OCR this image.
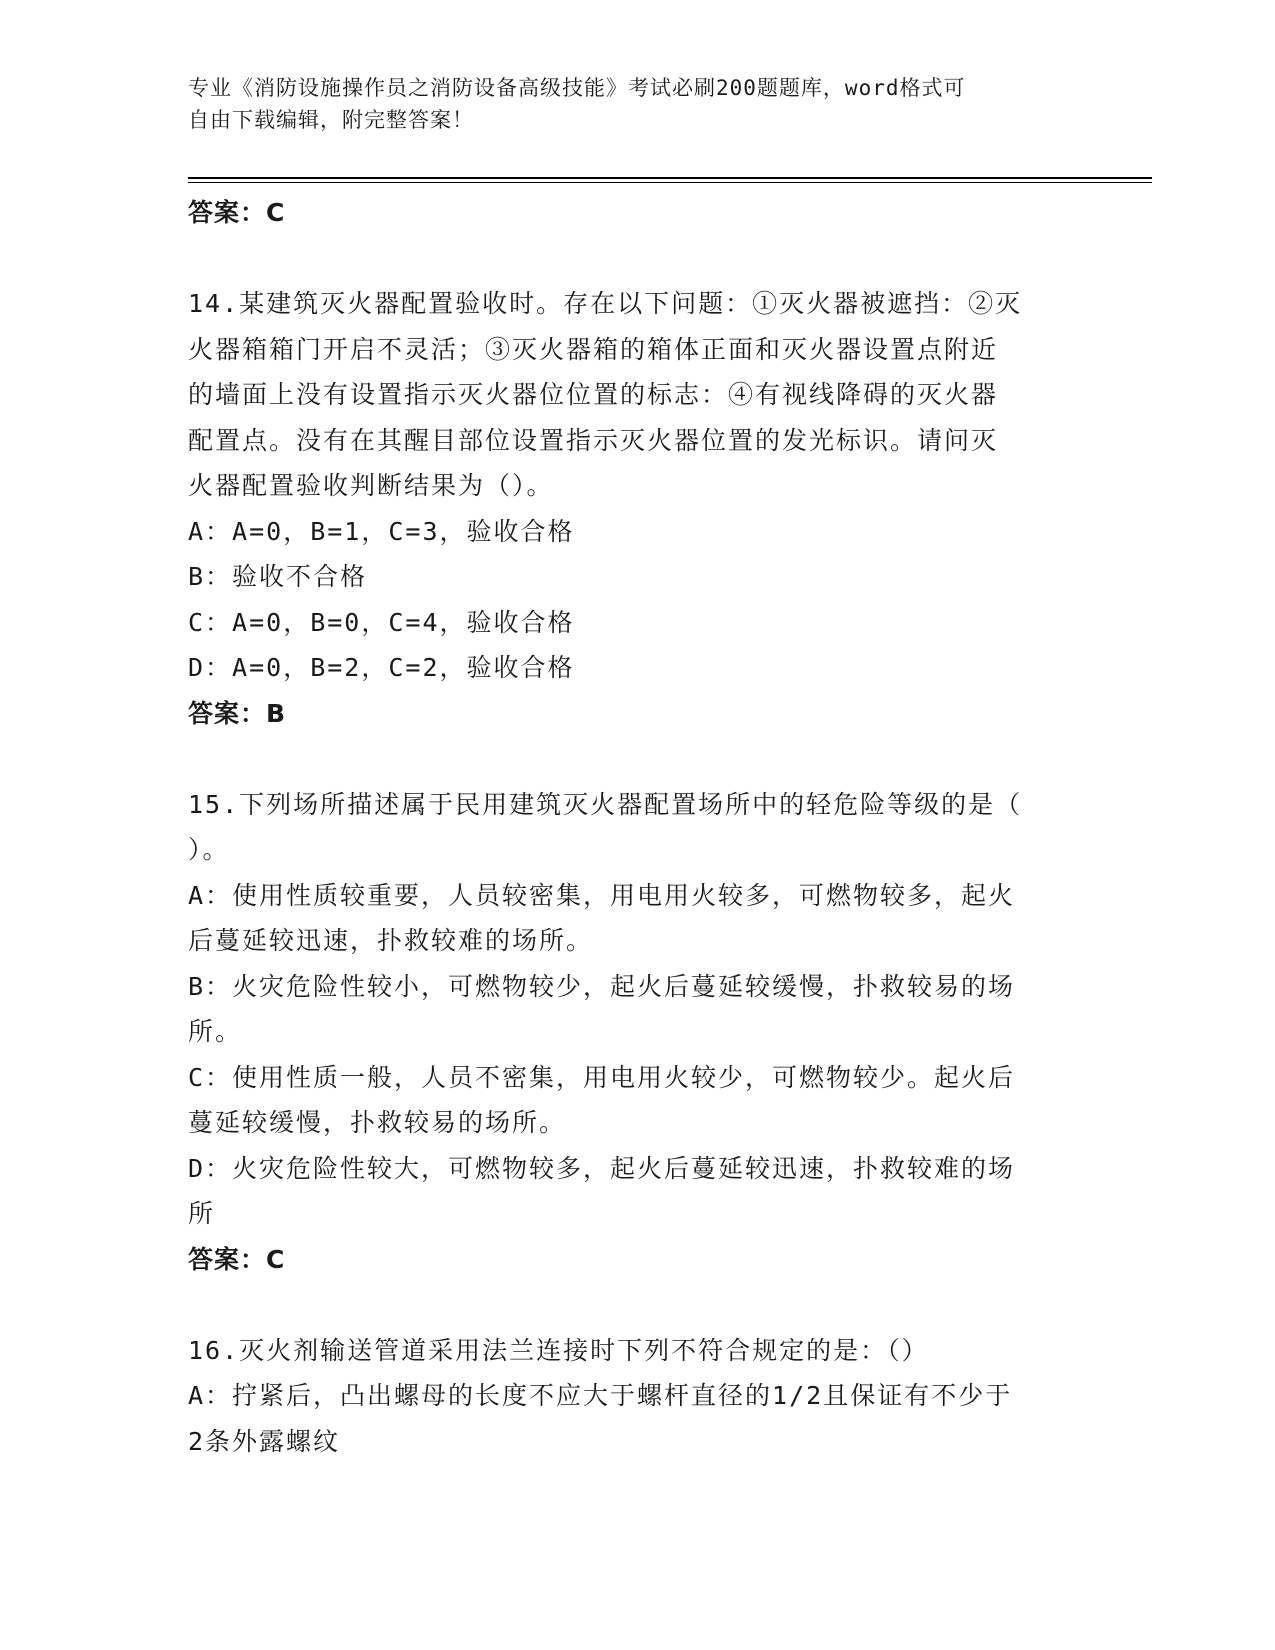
专业《消防设施操作员之消防设备高级技能》考试必刷200题题库，word格式可
自由下载编辑，附完整答案！
答案：C
14.某建筑灭火器配置验收时。存在以下问题：①灭火器被遮挡：②灭
火器箱箱门开启不灵活；③灭火器箱的箱体正面和灭火器设置点附近
的墙面上没有设置指示灭火器位位置的标志：④有视线降碍的灭火器
配置点。没有在其醒目部位设置指示灭火器位置的发光标识。请问灭
火器配置验收判断结果为（）。
A：A=0，B=1，C=3，验收合格
B：验收不合格
C：A=0，B=0，C=4，验收合格
D：A=0，B=2，C=2，验收合格
答案：B
15.下列场所描述属于民用建筑灭火器配置场所中的轻危险等级的是（
）。
A：使用性质较重要，人员较密集，用电用火较多，可燃物较多，起火
后蔓延较迅速，扑救较难的场所。
B：火灾危险性较小，可燃物较少，起火后蔓延较缓慢，扑救较易的场
所。
C：使用性质一般，人员不密集，用电用火较少，可燃物较少。起火后
蔓延较缓慢，扑救较易的场所。
D：火灾危险性较大，可燃物较多，起火后蔓延较迅速，扑救较难的场
所
答案：C
16.灭火剂输送管道采用法兰连接时下列不符合规定的是：（）
A：拧紧后，凸出螺母的长度不应大于螺杆直径的1/2且保证有不少于
2条外露螺纹
